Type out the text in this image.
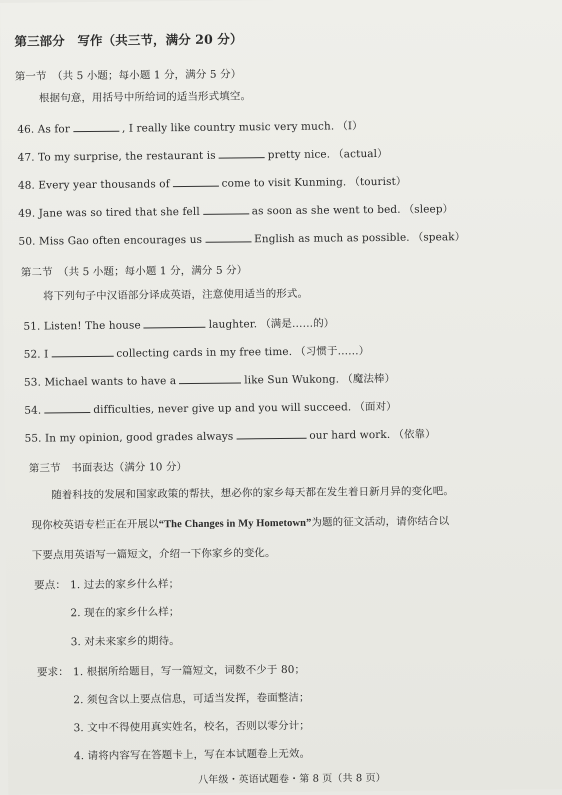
第三部分　写作（共三节，满分 20 分）
第一节　（共 5 小题；每小题 1 分，满分 5 分）
根据句意，用括号中所给词的适当形式填空。
46. As for	, I really like country music very much. （I）
47. To my surprise, the restaurant is	pretty nice. （actual）
48. Every year thousands of	come to visit Kunming. （tourist）
49. Jane was so tired that she fell	as soon as she went to bed. （sleep）
50. Miss Gao often encourages us	English as much as possible. （speak）
第二节　（共 5 小题；每小题 1 分，满分 5 分）
将下列句子中汉语部分译成英语，注意使用适当的形式。
51. Listen! The house	laughter. （满是……的）
52. I	collecting cards in my free time. （习惯于……）
53. Michael wants to have a	like Sun Wukong. （魔法棒）
54.	difficulties, never give up and you will succeed. （面对）
55. In my opinion, good grades always	our hard work. （依靠）
第三节　书面表达（满分 10 分）
随着科技的发展和国家政策的帮扶，想必你的家乡每天都在发生着日新月异的变化吧。
现你校英语专栏正在开展以“The Changes in My Hometown”为题的征文活动，请你结合以
下要点用英语写一篇短文，介绍一下你家乡的变化。
要点： 1. 过去的家乡什么样；
2. 现在的家乡什么样；
3. 对未来家乡的期待。
要求： 1. 根据所给题目，写一篇短文，词数不少于 80；
2. 须包含以上要点信息，可适当发挥，卷面整洁；
3. 文中不得使用真实姓名，校名，否则以零分计；
4. 请将内容写在答题卡上，写在本试题卷上无效。
八年级・英语试题卷・第 8 页（共 8 页）
